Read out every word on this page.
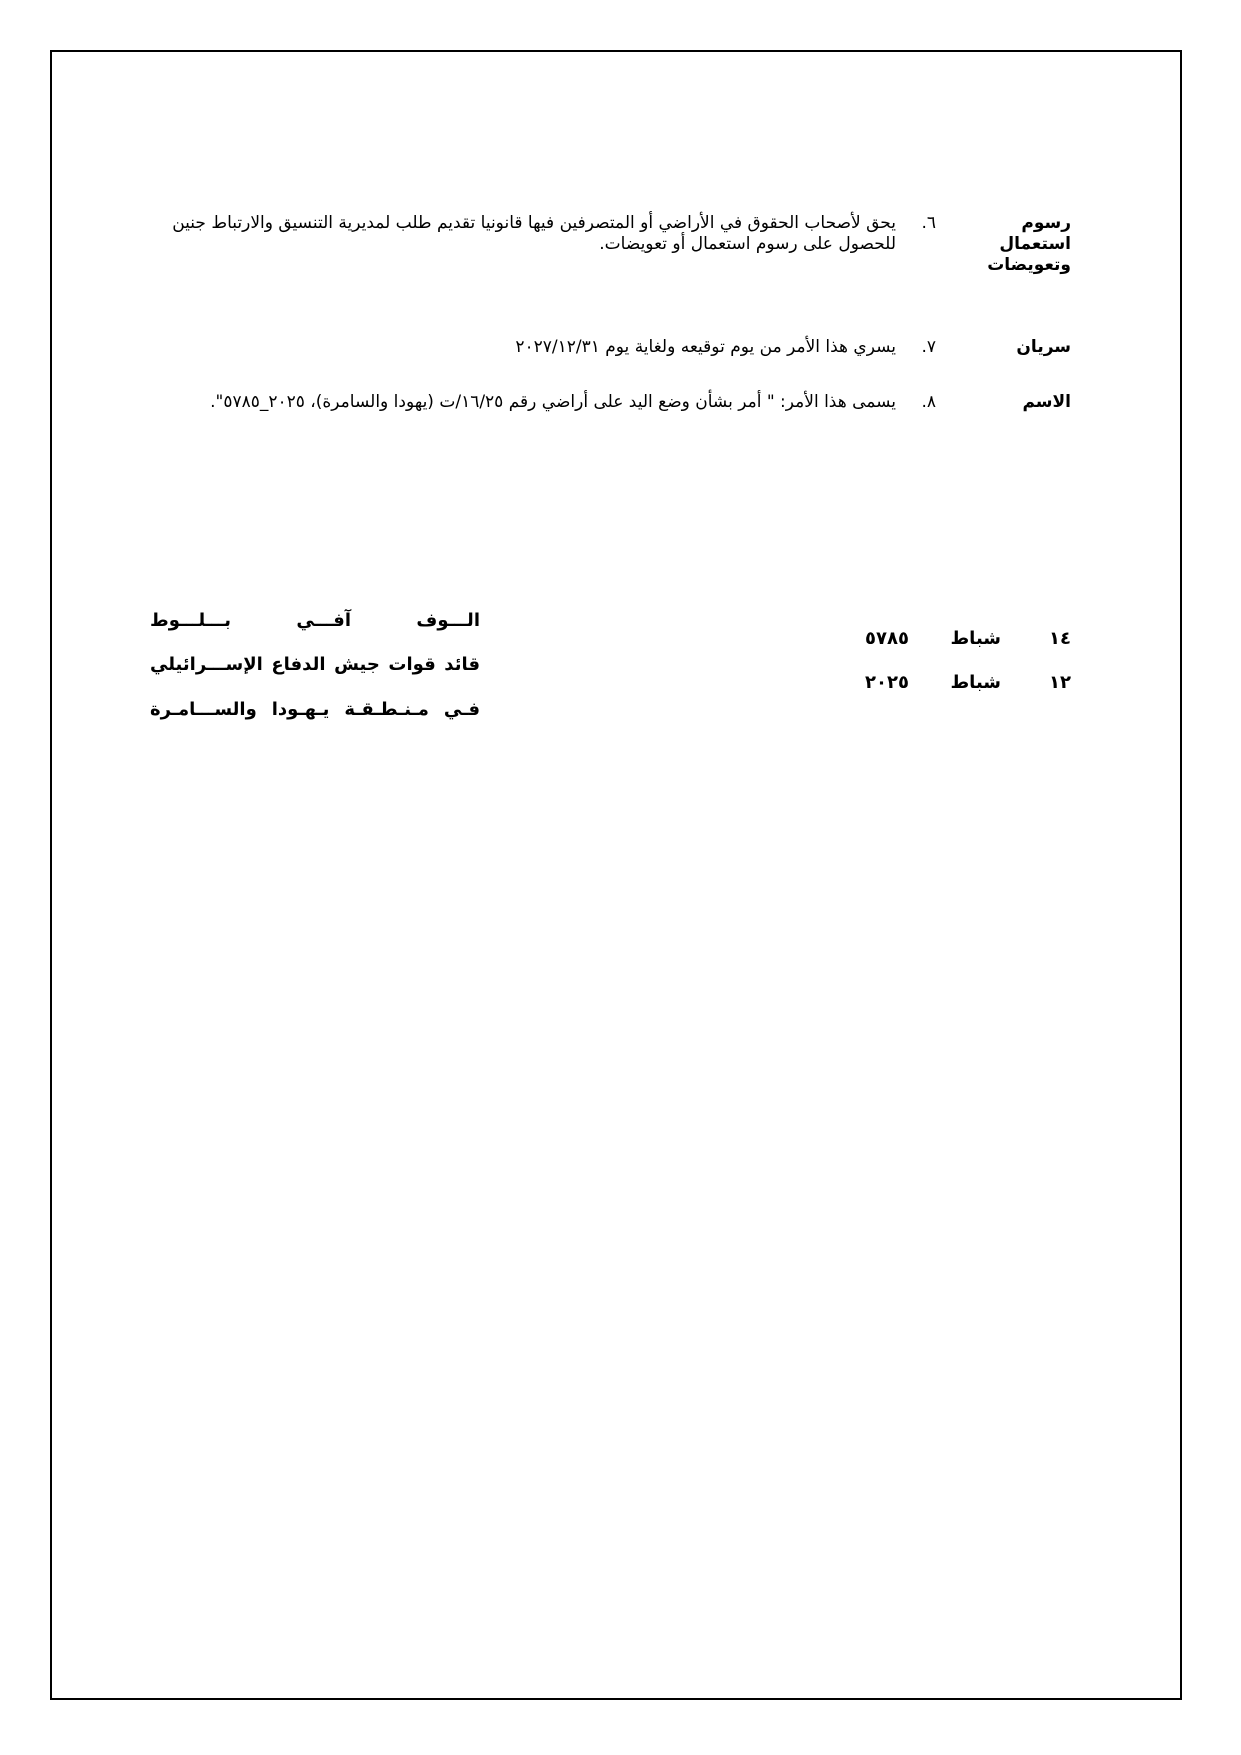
رسوم استعمال وتعويضات
٦.
يحق لأصحاب الحقوق في الأراضي أو المتصرفين فيها قانونيا تقديم طلب لمديرية التنسيق والارتباط جنين للحصول على رسوم استعمال أو تعويضات.
سريان
٧.
يسري هذا الأمر من يوم توقيعه ولغاية يوم ٢٠٢٧/١٢/٣١
الاسم
٨.
يسمى هذا الأمر: " أمر بشأن وضع اليد على أراضي رقم ١٦/٢٥/ت (يهودا والسامرة)، ٢٠٢٥_٥٧٨٥".
١٤
شباط
٥٧٨٥
١٢
شباط
٢٠٢٥
الـــوف آفـــي بـــلـــوط
قائد قوات جيش الدفاع الإســـرائيلي
فـي مـنـطـقـة يـهـودا والســـامـرة
